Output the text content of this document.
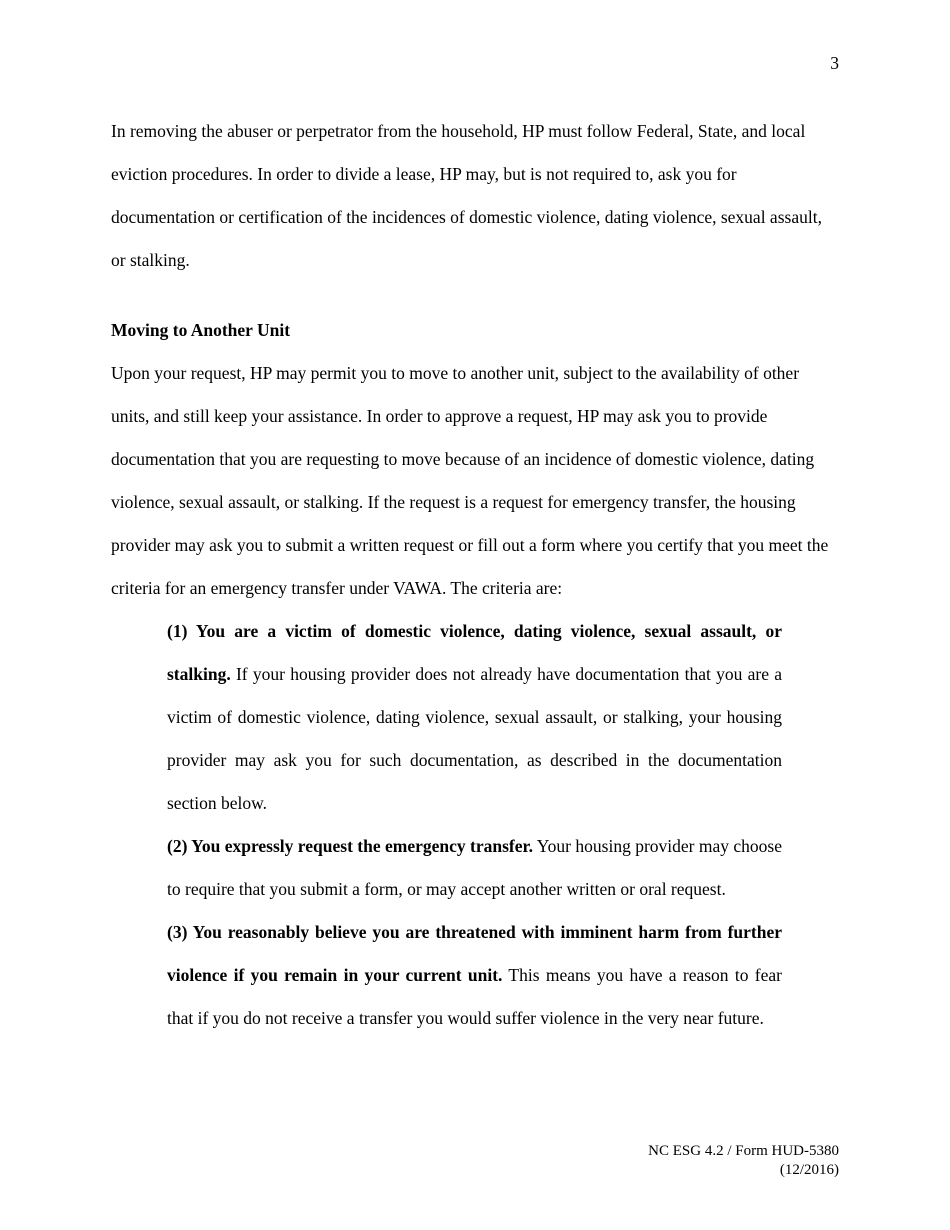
3

In removing the abuser or perpetrator from the household, HP must follow Federal, State, and local eviction procedures. In order to divide a lease, HP may, but is not required to, ask you for documentation or certification of the incidences of domestic violence, dating violence, sexual assault, or stalking.

Moving to Another Unit

Upon your request, HP may permit you to move to another unit, subject to the availability of other units, and still keep your assistance. In order to approve a request, HP may ask you to provide documentation that you are requesting to move because of an incidence of domestic violence, dating violence, sexual assault, or stalking. If the request is a request for emergency transfer, the housing provider may ask you to submit a written request or fill out a form where you certify that you meet the criteria for an emergency transfer under VAWA. The criteria are:

(1) You are a victim of domestic violence, dating violence, sexual assault, or stalking. If your housing provider does not already have documentation that you are a victim of domestic violence, dating violence, sexual assault, or stalking, your housing provider may ask you for such documentation, as described in the documentation section below.

(2) You expressly request the emergency transfer. Your housing provider may choose to require that you submit a form, or may accept another written or oral request.

(3) You reasonably believe you are threatened with imminent harm from further violence if you remain in your current unit. This means you have a reason to fear that if you do not receive a transfer you would suffer violence in the very near future.

NC ESG 4.2 / Form HUD-5380
(12/2016)
